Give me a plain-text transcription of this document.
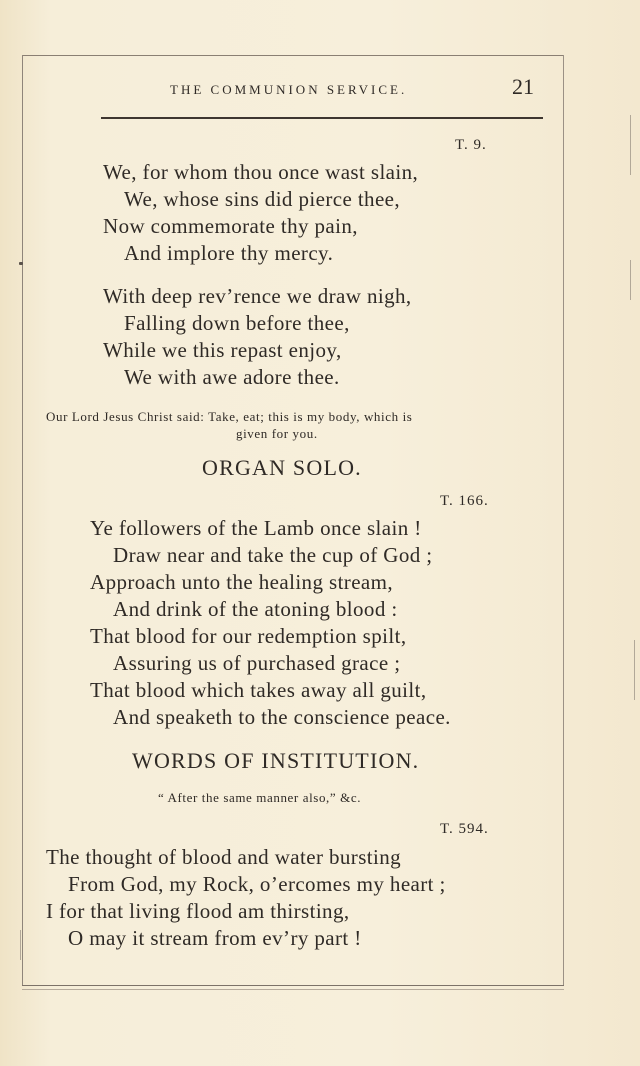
THE COMMUNION SERVICE.	21
T. 9.
We, for whom thou once wast slain,
We, whose sins did pierce thee,
Now commemorate thy pain,
And implore thy mercy.
With deep rev’rence we draw nigh,
Falling down before thee,
While we this repast enjoy,
We with awe adore thee.
Our Lord Jesus Christ said: Take, eat; this is my body, which is
given for you.
ORGAN SOLO.
T. 166.
Ye followers of the Lamb once slain !
Draw near and take the cup of God ;
Approach unto the healing stream,
And drink of the atoning blood :
That blood for our redemption spilt,
Assuring us of purchased grace ;
That blood which takes away all guilt,
And speaketh to the conscience peace.
WORDS OF INSTITUTION.
“ After the same manner also,” &c.
T. 594.
The thought of blood and water bursting
From God, my Rock, o’ercomes my heart ;
I for that living flood am thirsting,
O may it stream from ev’ry part !
